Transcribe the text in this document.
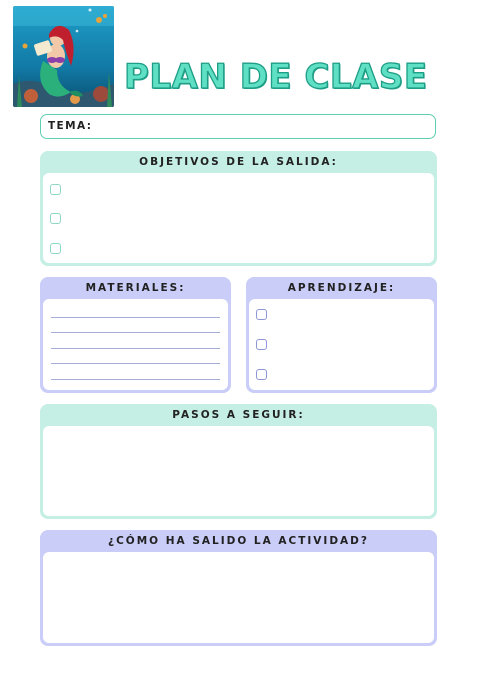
PLAN DE CLASE
TEMA:
OBJETIVOS DE LA SALIDA:
MATERIALES:	APRENDIZAJE:
PASOS A SEGUIR:
¿CÓMO HA SALIDO LA ACTIVIDAD?
